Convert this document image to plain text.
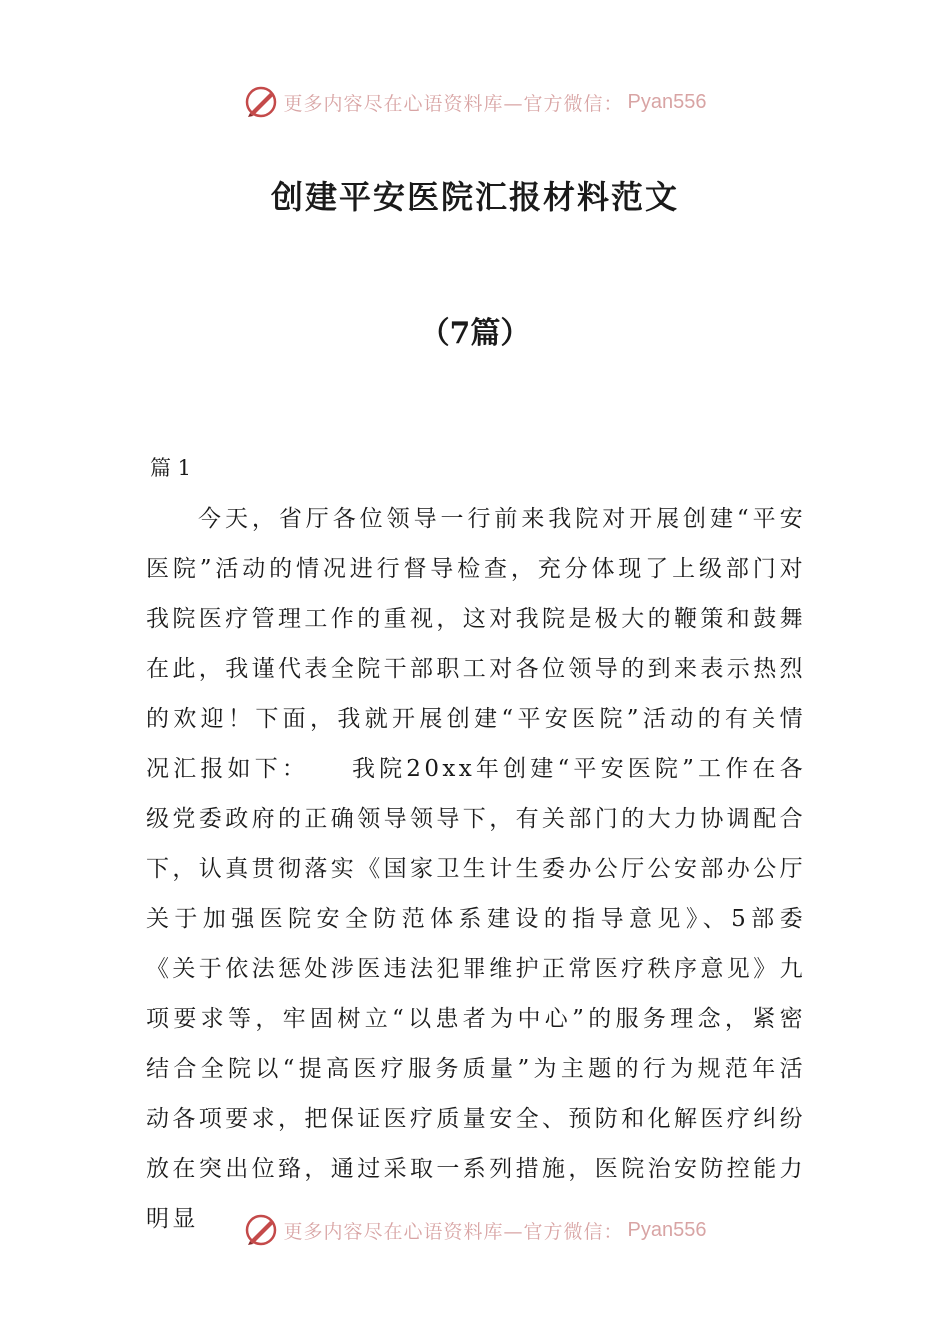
更多内容尽在心语资料库—官方微信： Pyan556
创建平安医院汇报材料范文
（7篇）

篇 1

今天，省厅各位领导一行前来我院对开展创建“平安医院”活动的情况进行督导检查，充分体现了上级部门对我院医疗管理工作的重视，这对我院是极大的鞭策和鼓舞在此，我谨代表全院干部职工对各位领导的到来表示热烈的欢迎！下面，我就开展创建“平安医院”活动的有关情况汇报如下：　　我院20xx年创建“平安医院”工作在各级党委政府的正确领导领导下，有关部门的大力协调配合下，认真贯彻落实《国家卫生计生委办公厅公安部办公厅关于加强医院安全防范体系建设的指导意见》、5部委《关于依法惩处涉医违法犯罪维护正常医疗秩序意见》九项要求等，牢固树立“以患者为中心”的服务理念，紧密结合全院以“提高医疗服务质量”为主题的行为规范年活动各项要求，把保证医疗质量安全、预防和化解医疗纠纷放在突出位臵，通过采取一系列措施，医院治安防控能力明显	更多内容尽在心语资料库—官方微信： Pyan556
